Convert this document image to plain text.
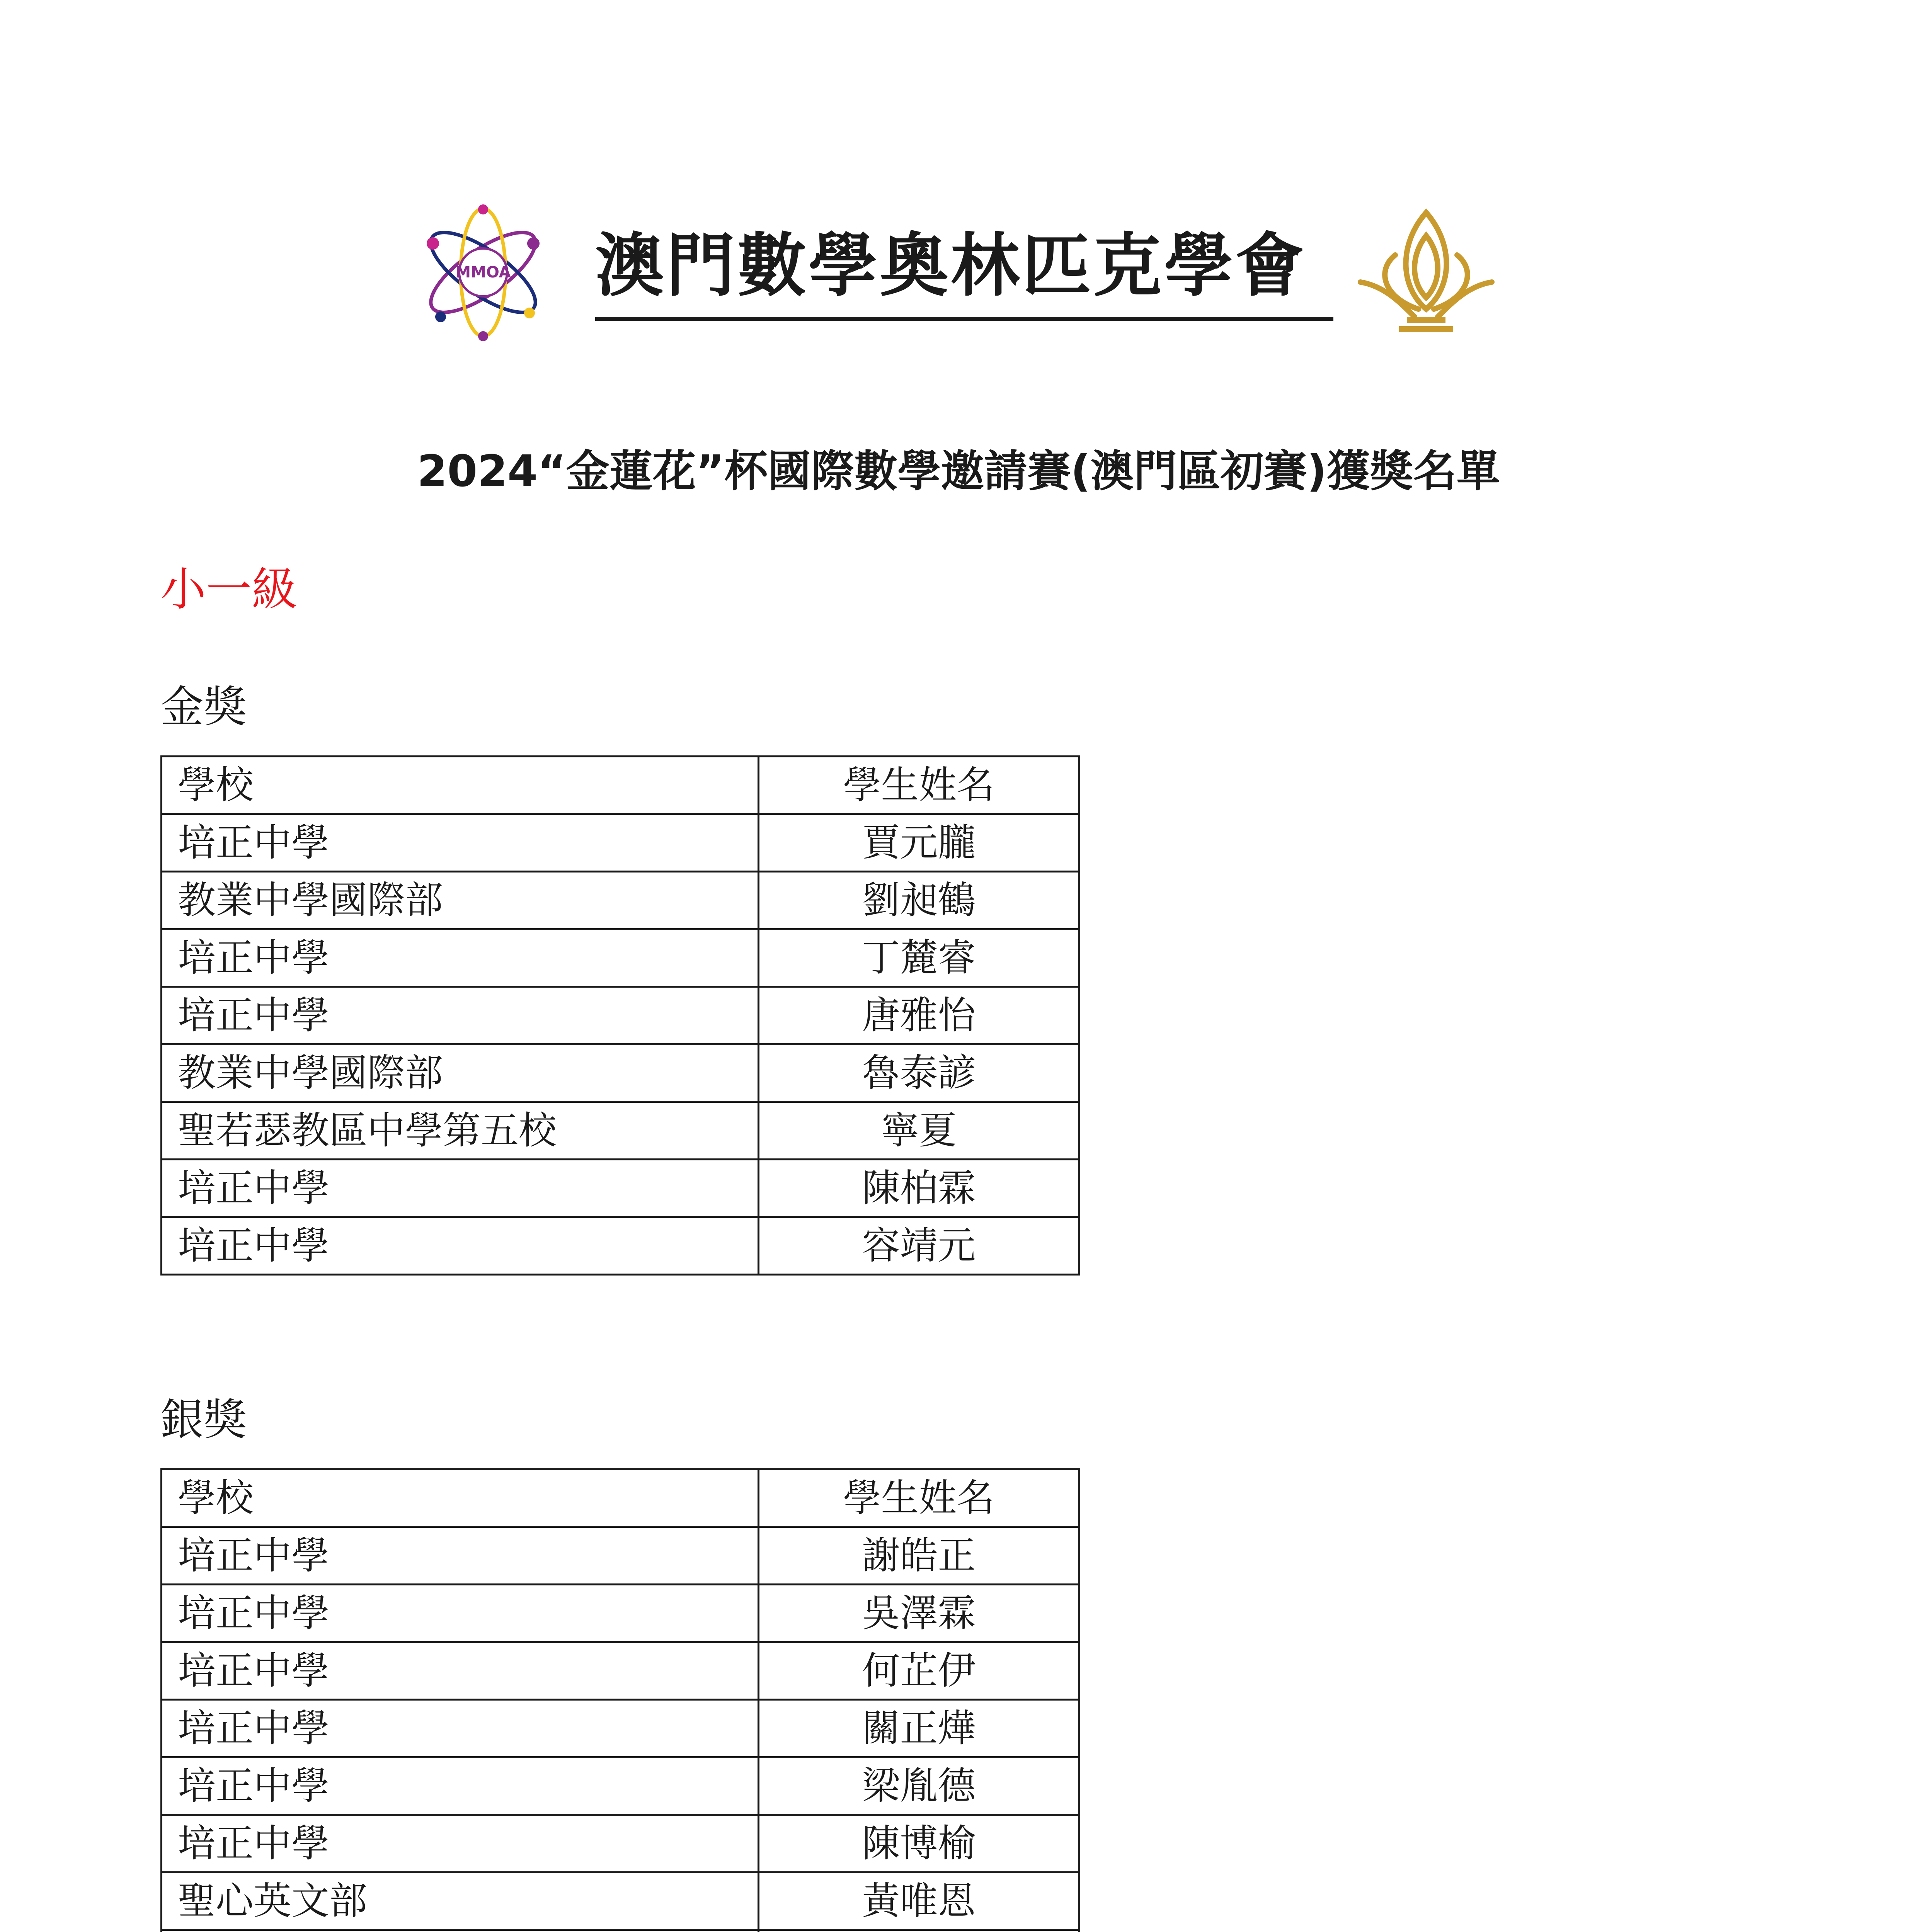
MMOA 澳門數學奧林匹克學會
2024“金蓮花”杯國際數學邀請賽(澳門區初賽)獲獎名單
小一級
金獎
學校	學生姓名
培正中學	賈元朧
教業中學國際部	劉昶鶴
培正中學	丁麓睿
培正中學	唐雅怡
教業中學國際部	魯泰諺
聖若瑟教區中學第五校	寧夏
培正中學	陳柏霖
培正中學	容靖元
銀獎
學校	學生姓名
培正中學	謝皓正
培正中學	吳澤霖
培正中學	何芷伊
培正中學	關正燁
培正中學	梁胤德
培正中學	陳博榆
聖心英文部	黃唯恩
